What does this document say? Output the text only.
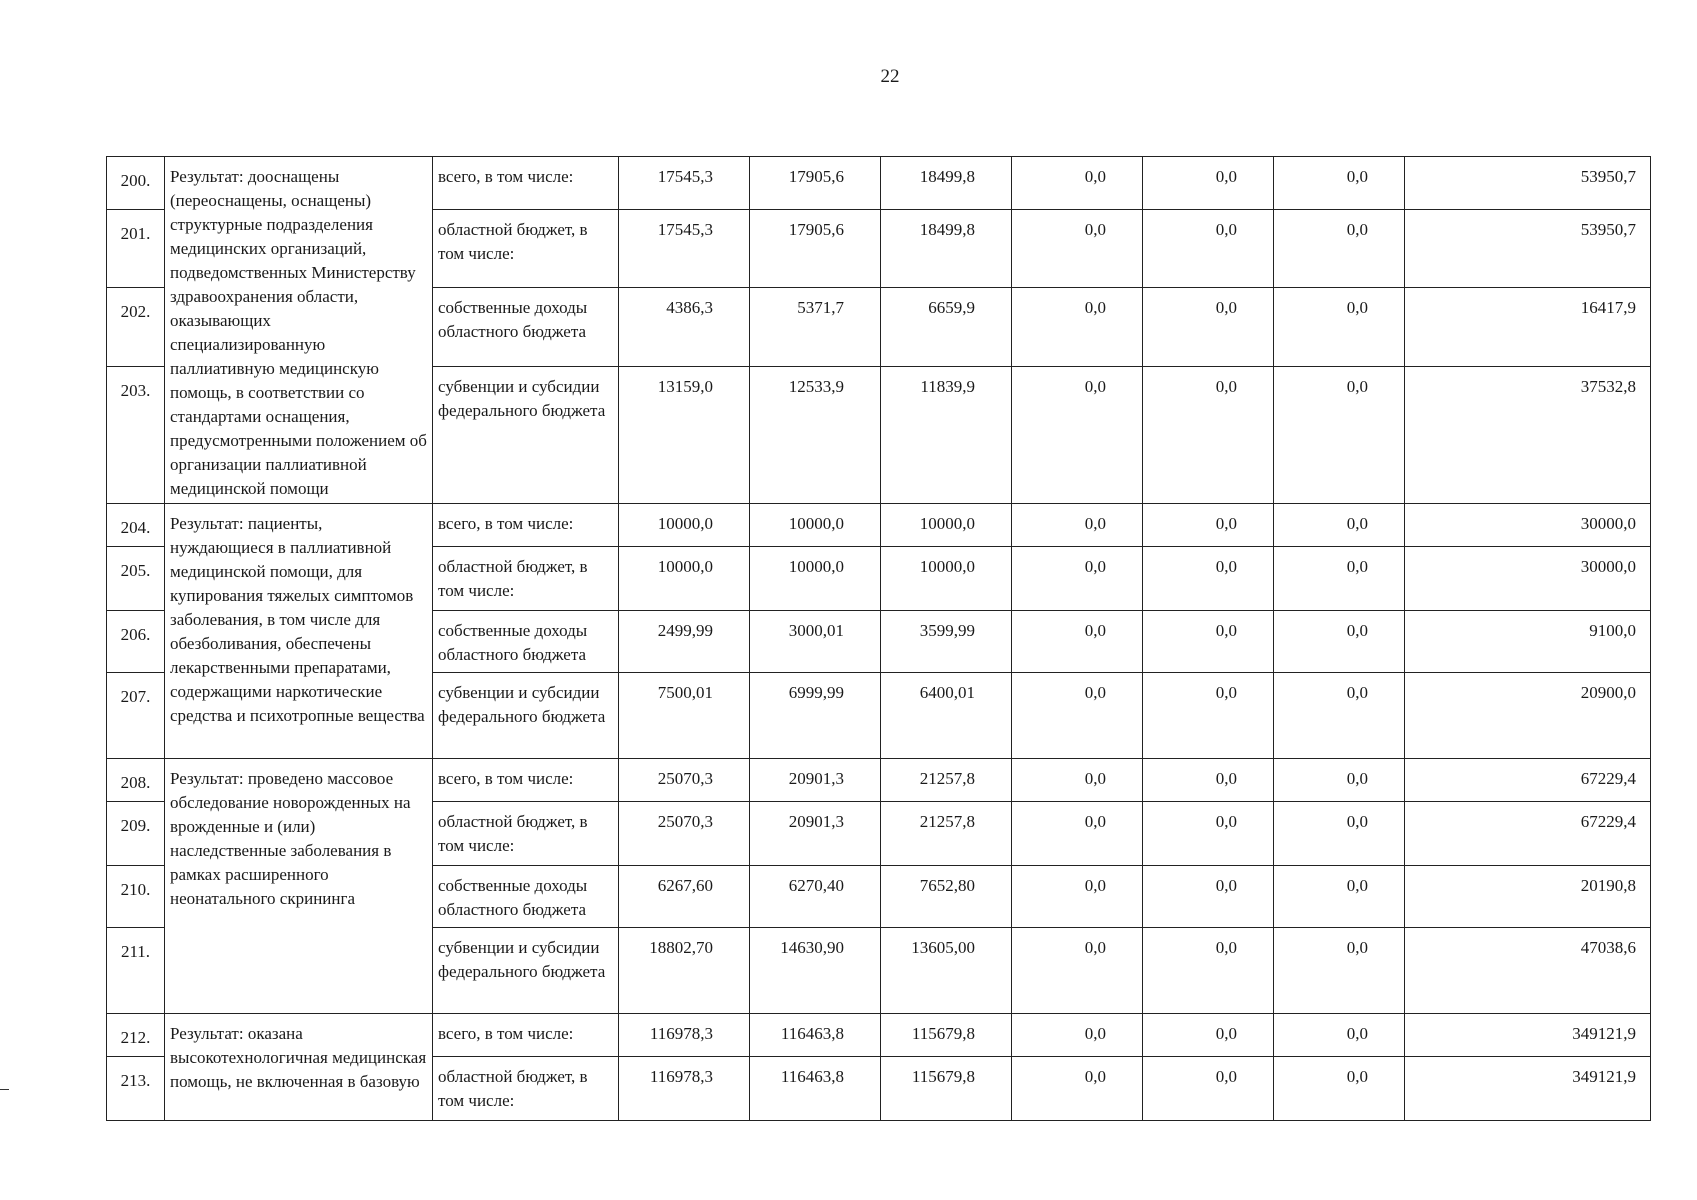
22
200.	Результат: дооснащены (переоснащены, оснащены) структурные подразделения медицинских организаций, подведомственных Министерству здравоохранения области, оказывающих специализированную паллиативную медицинскую помощь, в соответствии со стандартами оснащения, предусмотренными положением об организации паллиативной медицинской помощи	всего, в том числе:	17545,3	17905,6	18499,8	0,0	0,0	0,0	53950,7
201.		областной бюджет, в том числе:	17545,3	17905,6	18499,8	0,0	0,0	0,0	53950,7
202.		собственные доходы областного бюджета	4386,3	5371,7	6659,9	0,0	0,0	0,0	16417,9
203.		субвенции и субсидии федерального бюджета	13159,0	12533,9	11839,9	0,0	0,0	0,0	37532,8
204.	Результат: пациенты, нуждающиеся в паллиативной медицинской помощи, для купирования тяжелых симптомов заболевания, в том числе для обезболивания, обеспечены лекарственными препаратами, содержащими наркотические средства и психотропные вещества	всего, в том числе:	10000,0	10000,0	10000,0	0,0	0,0	0,0	30000,0
205.		областной бюджет, в том числе:	10000,0	10000,0	10000,0	0,0	0,0	0,0	30000,0
206.		собственные доходы областного бюджета	2499,99	3000,01	3599,99	0,0	0,0	0,0	9100,0
207.		субвенции и субсидии федерального бюджета	7500,01	6999,99	6400,01	0,0	0,0	0,0	20900,0
208.	Результат: проведено массовое обследование новорожденных на врожденные и (или) наследственные заболевания в рамках расширенного неонатального скрининга	всего, в том числе:	25070,3	20901,3	21257,8	0,0	0,0	0,0	67229,4
209.		областной бюджет, в том числе:	25070,3	20901,3	21257,8	0,0	0,0	0,0	67229,4
210.		собственные доходы областного бюджета	6267,60	6270,40	7652,80	0,0	0,0	0,0	20190,8
211.		субвенции и субсидии федерального бюджета	18802,70	14630,90	13605,00	0,0	0,0	0,0	47038,6
212.	Результат: оказана высокотехнологичная медицинская помощь, не включенная в базовую	всего, в том числе:	116978,3	116463,8	115679,8	0,0	0,0	0,0	349121,9
213.		областной бюджет, в том числе:	116978,3	116463,8	115679,8	0,0	0,0	0,0	349121,9
